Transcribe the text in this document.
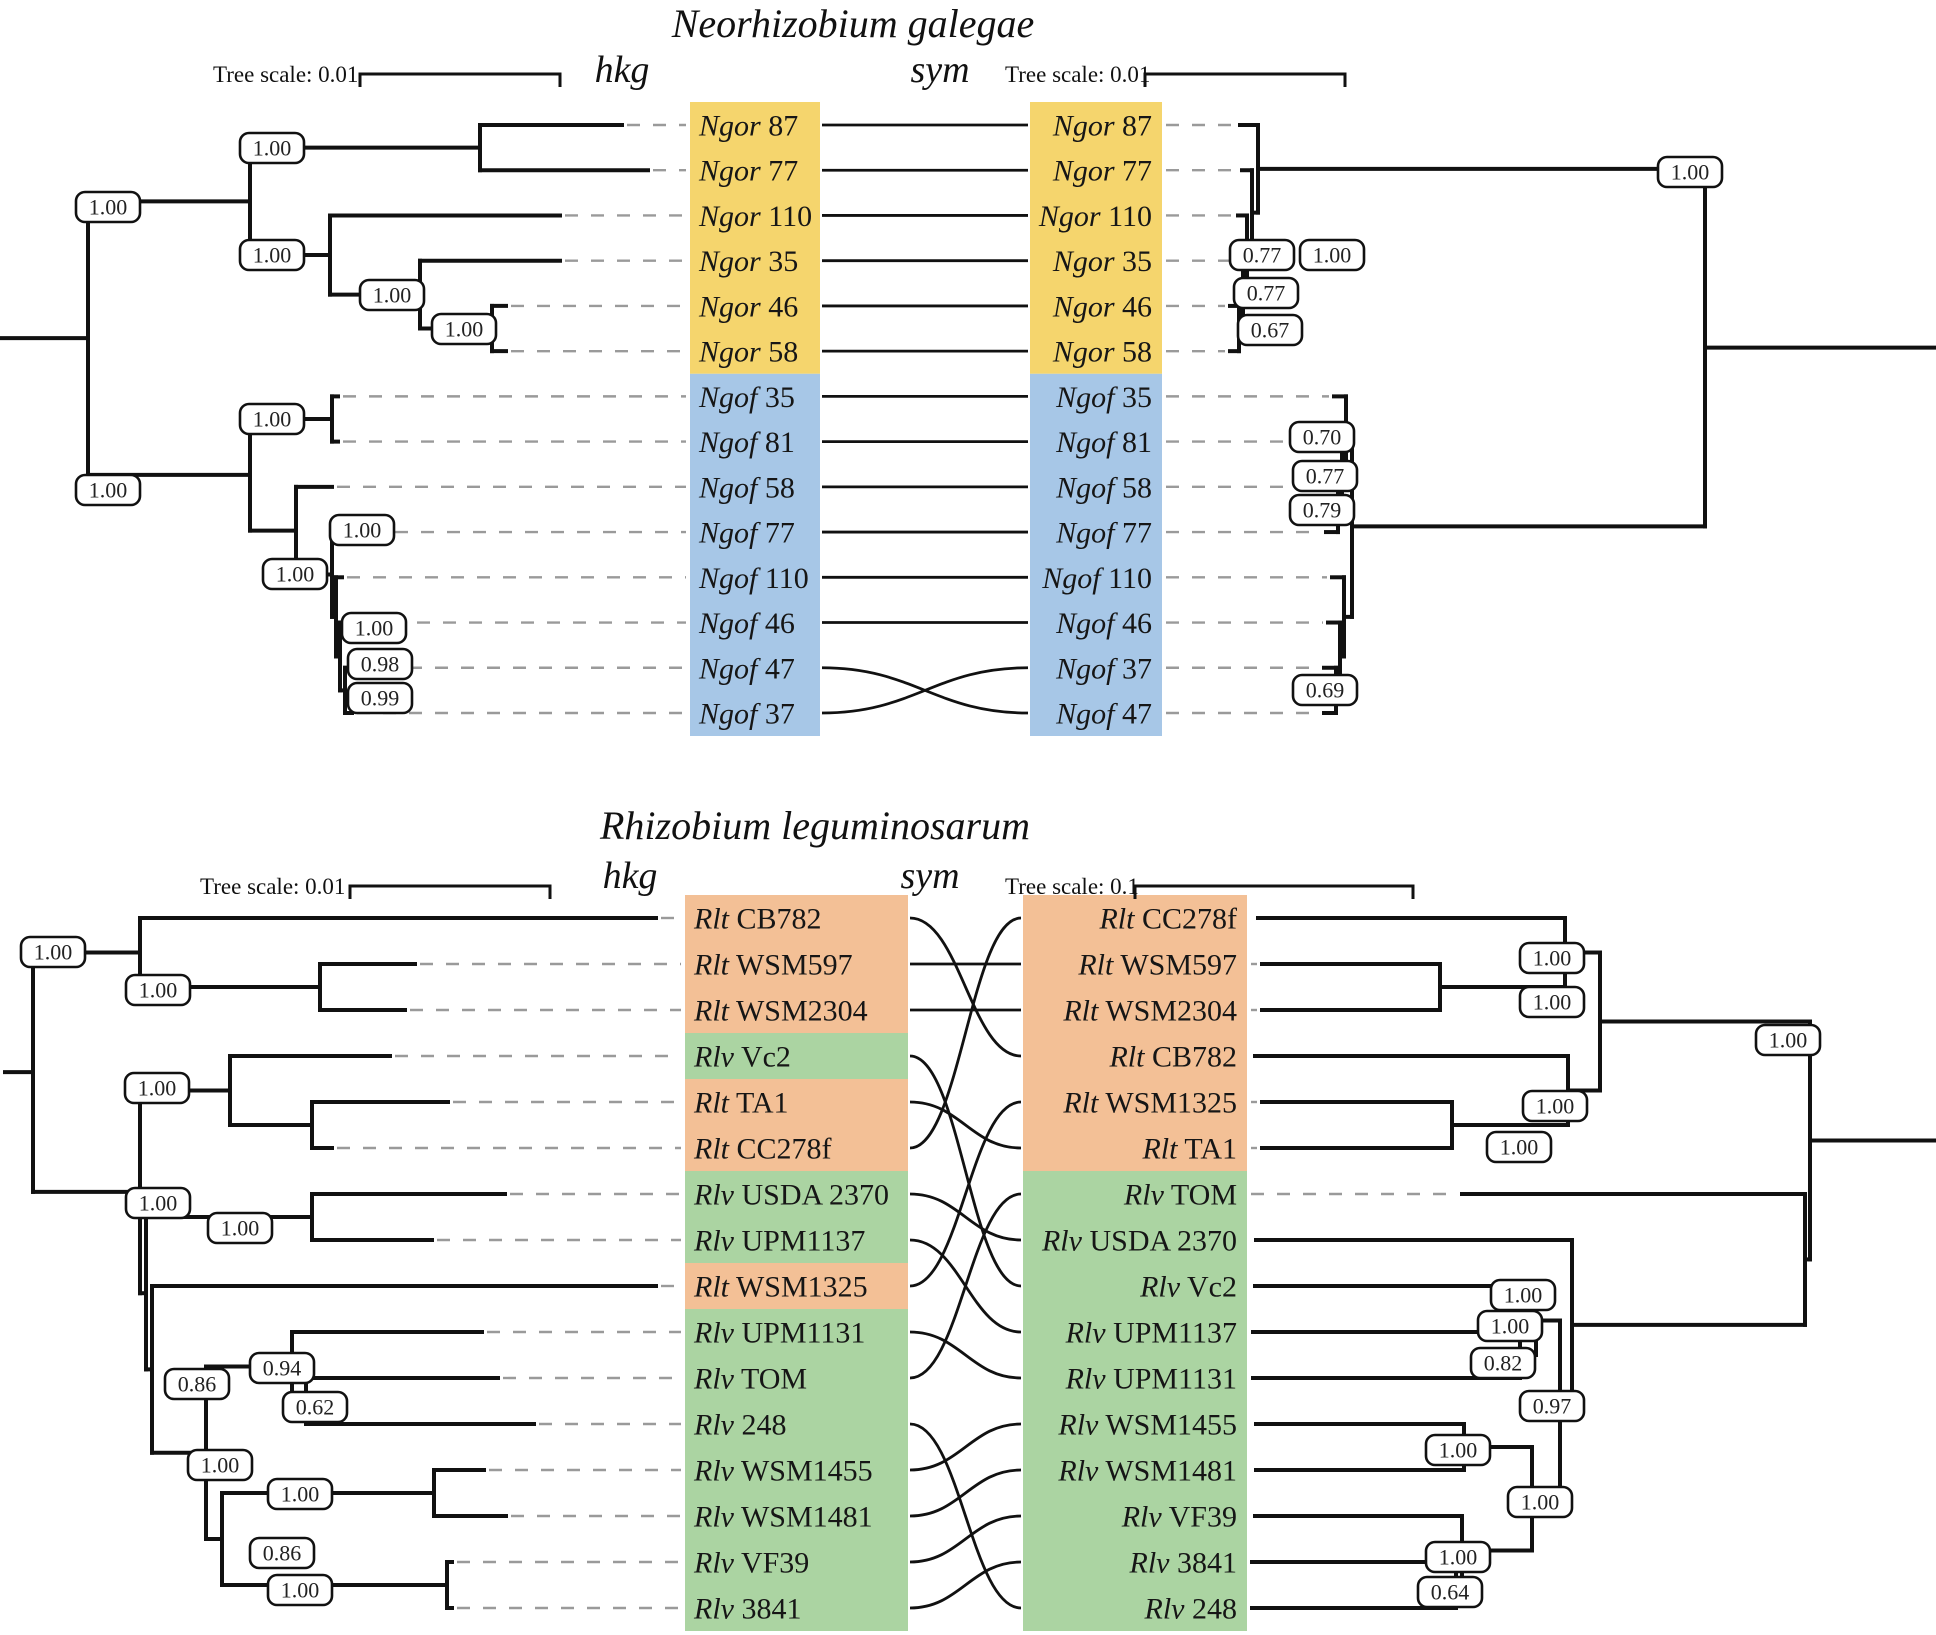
Ngor 87
Ngor 77
Ngor 110
Ngor 35
Ngor 46
Ngor 58
Ngof 35
Ngof 81
Ngof 58
Ngof 77
Ngof 110
Ngof 46
Ngof 47
Ngof 37
Ngor 87
Ngor 77
Ngor 110
Ngor 35
Ngor 46
Ngor 58
Ngof 35
Ngof 81
Ngof 58
Ngof 77
Ngof 110
Ngof 46
Ngof 37
Ngof 47
1.00
1.00
1.00
1.00
1.00
1.00
1.00
1.00
1.00
1.00
0.98
0.99
1.00
1.00
0.77
0.77
0.67
0.70
0.77
0.79
0.69
Rlt CB782
Rlt WSM597
Rlt WSM2304
Rlv Vc2
Rlt TA1
Rlt CC278f
Rlv USDA 2370
Rlv UPM1137
Rlt WSM1325
Rlv UPM1131
Rlv TOM
Rlv 248
Rlv WSM1455
Rlv WSM1481
Rlv VF39
Rlv 3841
Rlt CC278f
Rlt WSM597
Rlt WSM2304
Rlt CB782
Rlt WSM1325
Rlt TA1
Rlv TOM
Rlv USDA 2370
Rlv Vc2
Rlv UPM1137
Rlv UPM1131
Rlv WSM1455
Rlv WSM1481
Rlv VF39
Rlv 3841
Rlv 248
1.00
1.00
1.00
1.00
1.00
0.86
0.94
0.62
1.00
1.00
0.86
1.00
1.00
1.00
1.00
1.00
1.00
1.00
1.00
0.82
0.97
1.00
1.00
1.00
0.64
Neorhizobium galegae
hkg	sym
Tree scale: 0.01	Tree scale: 0.01
Rhizobium leguminosarum
hkg	sym
Tree scale: 0.01	Tree scale: 0.1
